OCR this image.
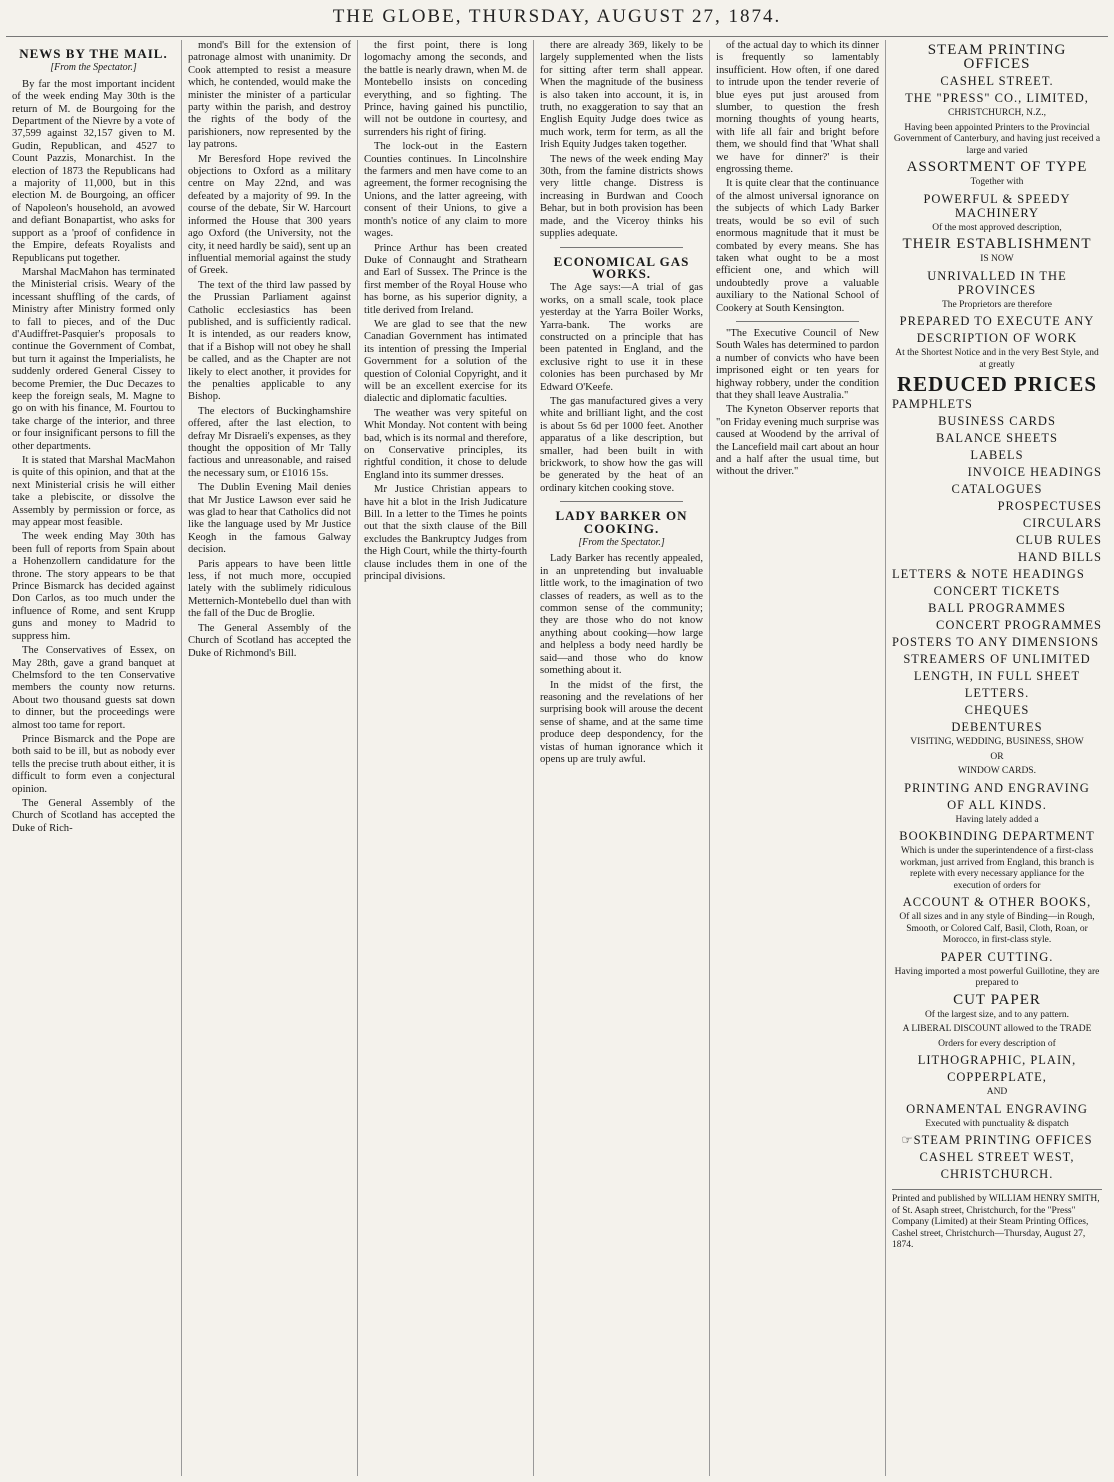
THE GLOBE, THURSDAY, AUGUST 27, 1874.
NEWS BY THE MAIL.
[From the Spectator.]

By far the most important incident of the week ending May 30th is the return of M. de Bourgoing for the Department of the Nievre by a vote of 37,599 against 32,157 given to M. Gudin, Republican, and 4527 to Count Pazzis, Monarchist. In the election of 1873 the Republicans had a majority of 11,000, but in this election M. de Bourgoing, an officer of Napoleon's household, an avowed and defiant Bonapartist, who asks for support as a 'proof of confidence in the Empire, defeats Royalists and Republicans put together.

Marshal MacMahon has terminated the Ministerial crisis. Weary of the incessant shuffling of the cards, of Ministry after Ministry formed only to fall to pieces, and of the Duc d'Audiffret-Pasquier's proposals to continue the Government of Combat, but turn it against the Imperialists, he suddenly ordered General Cissey to become Premier, the Duc Decazes to keep the foreign seals, M. Magne to go on with his finance, M. Fourtou to take charge of the interior, and three or four insignificant persons to fill the other departments.

It is stated that Marshal MacMahon is quite of this opinion, and that at the next Ministerial crisis he will either take a plebiscite, or dissolve the Assembly by permission or force, as may appear most feasible.

The week ending May 30th has been full of reports from Spain about a Hohenzollern candidature for the throne. The story appears to be that Prince Bismarck has decided against Don Carlos, as too much under the influence of Rome, and sent Krupp guns and money to Madrid to suppress him.

The Conservatives of Essex, on May 28th, gave a grand banquet at Chelmsford to the ten Conservative members the county now returns. About two thousand guests sat down to dinner, but the proceedings were almost too tame for report.

Prince Bismarck and the Pope are both said to be ill, but as nobody ever tells the precise truth about either, it is difficult to form even a conjectural opinion.

The General Assembly of the Church of Scotland has accepted the Duke of Rich-

mond's Bill for the extension of patronage almost with unanimity. Dr Cook attempted to resist a measure which, he contended, would make the minister the minister of a particular party within the parish, and destroy the rights of the body of the parishioners, now represented by the lay patrons.

Mr Beresford Hope revived the objections to Oxford as a military centre on May 22nd, and was defeated by a majority of 99. In the course of the debate, Sir W. Harcourt informed the House that 300 years ago Oxford (the University, not the city, it need hardly be said), sent up an influential memorial against the study of Greek.

The text of the third law passed by the Prussian Parliament against Catholic ecclesiastics has been published, and is sufficiently radical. It is intended, as our readers know, that if a Bishop will not obey he shall be called, and as the Chapter are not likely to elect another, it provides for the penalties applicable to any Bishop.

The electors of Buckinghamshire offered, after the last election, to defray Mr Disraeli's expenses, as they thought the opposition of Mr Tally factious and unreasonable, and raised the necessary sum, or £1016 15s.

The Dublin Evening Mail denies that Mr Justice Lawson ever said he was glad to hear that Catholics did not like the language used by Mr Justice Keogh in the famous Galway decision.

Paris appears to have been little less, if not much more, occupied lately with the sublimely ridiculous Metternich-Montebello duel than with the fall of the Duc de Broglie.

The General Assembly of the Church of Scotland has accepted the Duke of Richmond's Bill.

the first point, there is long logomachy among the seconds, and the battle is nearly drawn, when M. de Montebello insists on conceding everything, and so fighting. The Prince, having gained his punctilio, will not be outdone in courtesy, and surrenders his right of firing.

The lock-out in the Eastern Counties continues. In Lincolnshire the farmers and men have come to an agreement, the former recognising the Unions, and the latter agreeing, with consent of their Unions, to give a month's notice of any claim to more wages.

Prince Arthur has been created Duke of Connaught and Strathearn and Earl of Sussex. The Prince is the first member of the Royal House who has borne, as his superior dignity, a title derived from Ireland.

We are glad to see that the new Canadian Government has intimated its intention of pressing the Imperial Government for a solution of the question of Colonial Copyright, and it will be an excellent exercise for its dialectic and diplomatic faculties.

The weather was very spiteful on Whit Monday. Not content with being bad, which is its normal and therefore, on Conservative principles, its rightful condition, it chose to delude England into its summer dresses.

Mr Justice Christian appears to have hit a blot in the Irish Judicature Bill. In a letter to the Times he points out that the sixth clause of the Bill excludes the Bankruptcy Judges from the High Court, while the thirty-fourth clause includes them in one of the principal divisions.

there are already 369, likely to be largely supplemented when the lists for sitting after term shall appear. When the magnitude of the business is also taken into account, it is, in truth, no exaggeration to say that an English Equity Judge does twice as much work, term for term, as all the Irish Equity Judges taken together.

The news of the week ending May 30th, from the famine districts shows very little change. Distress is increasing in Burdwan and Cooch Behar, but in both provision has been made, and the Viceroy thinks his supplies adequate.

ECONOMICAL GAS WORKS.

The Age says:—A trial of gas works, on a small scale, took place yesterday at the Yarra Boiler Works, Yarra-bank. The works are constructed on a principle that has been patented in England, and the exclusive right to use it in these colonies has been purchased by Mr Edward O'Keefe.

The gas manufactured gives a very white and brilliant light, and the cost is about 5s 6d per 1000 feet. Another apparatus of a like description, but smaller, had been built in with brickwork, to show how the gas will be generated by the heat of an ordinary kitchen cooking stove.

LADY BARKER ON COOKING.
[From the Spectator.]

Lady Barker has recently appealed, in an unpretending but invaluable little work, to the imagination of two classes of readers, as well as to the common sense of the community; they are those who do not know anything about cooking—how large and helpless a body need hardly be said—and those who do know something about it.

In the midst of the first, the reasoning and the revelations of her surprising book will arouse the decent sense of shame, and at the same time produce deep despondency, for the vistas of human ignorance which it opens up are truly awful.

of the actual day to which its dinner is frequently so lamentably insufficient. How often, if one dared to intrude upon the tender reverie of blue eyes put just aroused from slumber, to question the fresh morning thoughts of young hearts, with life all fair and bright before them, we should find that 'What shall we have for dinner?' is their engrossing theme.

It is quite clear that the continuance of the almost universal ignorance on the subjects of which Lady Barker treats, would be so evil of such enormous magnitude that it must be combated by every means. She has taken what ought to be a most efficient one, and which will undoubtedly prove a valuable auxiliary to the National School of Cookery at South Kensington.

"The Executive Council of New South Wales has determined to pardon a number of convicts who have been imprisoned eight or ten years for highway robbery, under the condition that they shall leave Australia."

The Kyneton Observer reports that "on Friday evening much surprise was caused at Woodend by the arrival of the Lancefield mail cart about an hour and a half after the usual time, but without the driver."

STEAM PRINTING OFFICES
CASHEL STREET.
THE "PRESS" CO., LIMITED,
CHRISTCHURCH, N.Z.,
Having been appointed Printers to the Provincial Government of Canterbury, and having just received a large and varied
ASSORTMENT OF TYPE
Together with
POWERFUL & SPEEDY MACHINERY
Of the most approved description,
THEIR ESTABLISHMENT
IS NOW
UNRIVALLED IN THE PROVINCES
The Proprietors are therefore
PREPARED TO EXECUTE ANY
DESCRIPTION OF WORK
At the Shortest Notice and in the very Best Style, and at greatly
REDUCED PRICES
PAMPHLETS
BUSINESS CARDS
BALANCE SHEETS
LABELS
INVOICE HEADINGS
CATALOGUES
PROSPECTUSES
CIRCULARS
CLUB RULES
HAND BILLS
LETTERS & NOTE HEADINGS
CONCERT TICKETS
BALL PROGRAMMES
CONCERT PROGRAMMES
POSTERS TO ANY DIMENSIONS
STREAMERS OF UNLIMITED
LENGTH, IN FULL SHEET
LETTERS.
CHEQUES
DEBENTURES
VISITING, WEDDING, BUSINESS, SHOW
OR
WINDOW CARDS.
PRINTING AND ENGRAVING
OF ALL KINDS.
Having lately added a
BOOKBINDING DEPARTMENT
Which is under the superintendence of a first-class workman, just arrived from England, this branch is replete with every necessary appliance for the execution of orders for
ACCOUNT & OTHER BOOKS,
Of all sizes and in any style of Binding—in Rough, Smooth, or Colored Calf, Basil, Cloth, Roan, or Morocco, in first-class style.
PAPER CUTTING.
Having imported a most powerful Guillotine, they are prepared to
CUT PAPER
Of the largest size, and to any pattern.
A LIBERAL DISCOUNT allowed to the TRADE
Orders for every description of
LITHOGRAPHIC, PLAIN,
COPPERPLATE,
AND
ORNAMENTAL ENGRAVING
Executed with punctuality & dispatch
☞STEAM PRINTING OFFICES
CASHEL STREET WEST,
CHRISTCHURCH.
Printed and published by WILLIAM HENRY SMITH, of St. Asaph street, Christchurch, for the "Press" Company (Limited) at their Steam Printing Offices, Cashel street, Christchurch—Thursday, August 27, 1874.
